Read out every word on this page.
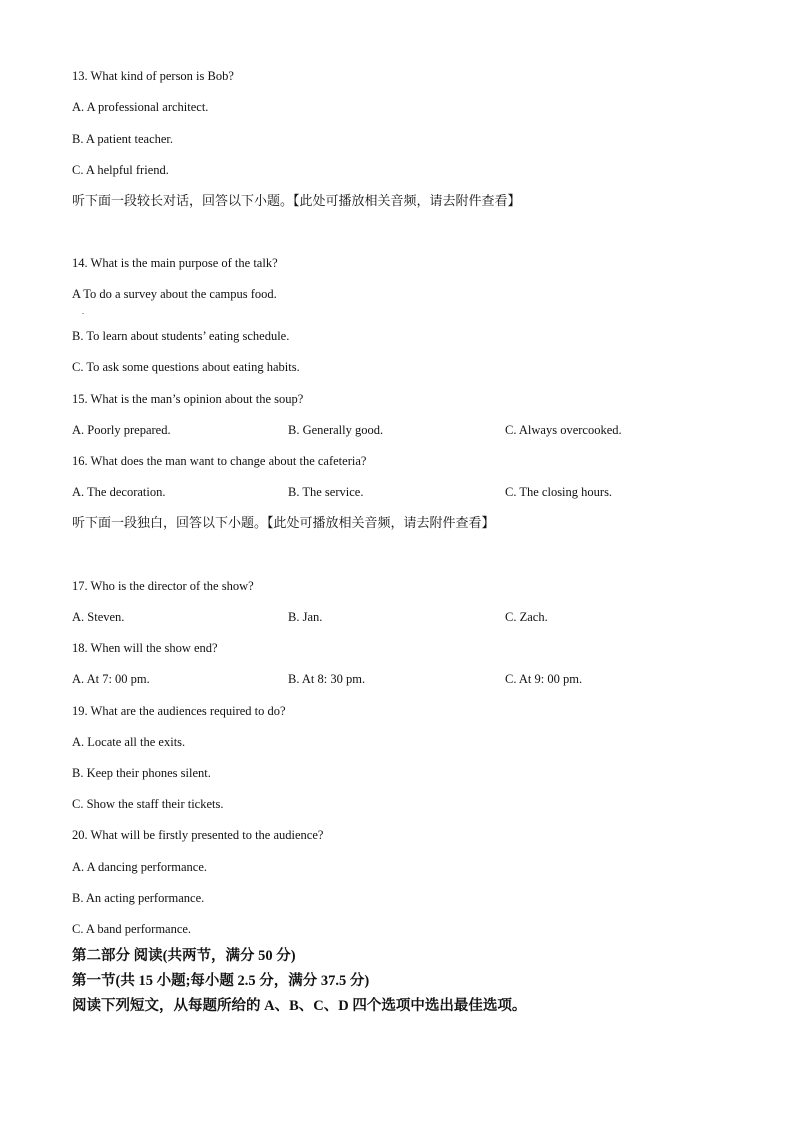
13. What kind of person is Bob?
A. A professional architect.
B. A patient teacher.
C. A helpful friend.
听下面一段较长对话，回答以下小题。【此处可播放相关音频，请去附件查看】
14. What is the main purpose of the talk?
A To do a survey about the campus food.
.
B. To learn about students’ eating schedule.
C. To ask some questions about eating habits.
15. What is the man’s opinion about the soup?
A. Poorly prepared.	B. Generally good.	C. Always overcooked.
16. What does the man want to change about the cafeteria?
A. The decoration.	B. The service.	C. The closing hours.
听下面一段独白，回答以下小题。【此处可播放相关音频，请去附件查看】
17. Who is the director of the show?
A. Steven.	B. Jan.	C. Zach.
18. When will the show end?
A. At 7: 00 pm.	B. At 8: 30 pm.	C. At 9: 00 pm.
19. What are the audiences required to do?
A. Locate all the exits.
B. Keep their phones silent.
C. Show the staff their tickets.
20. What will be firstly presented to the audience?
A. A dancing performance.
B. An acting performance.
C. A band performance.
第二部分 阅读(共两节，满分 50 分)
第一节(共 15 小题;每小题 2.5 分，满分 37.5 分)
阅读下列短文，从每题所给的 A、B、C、D 四个选项中选出最佳选项。
